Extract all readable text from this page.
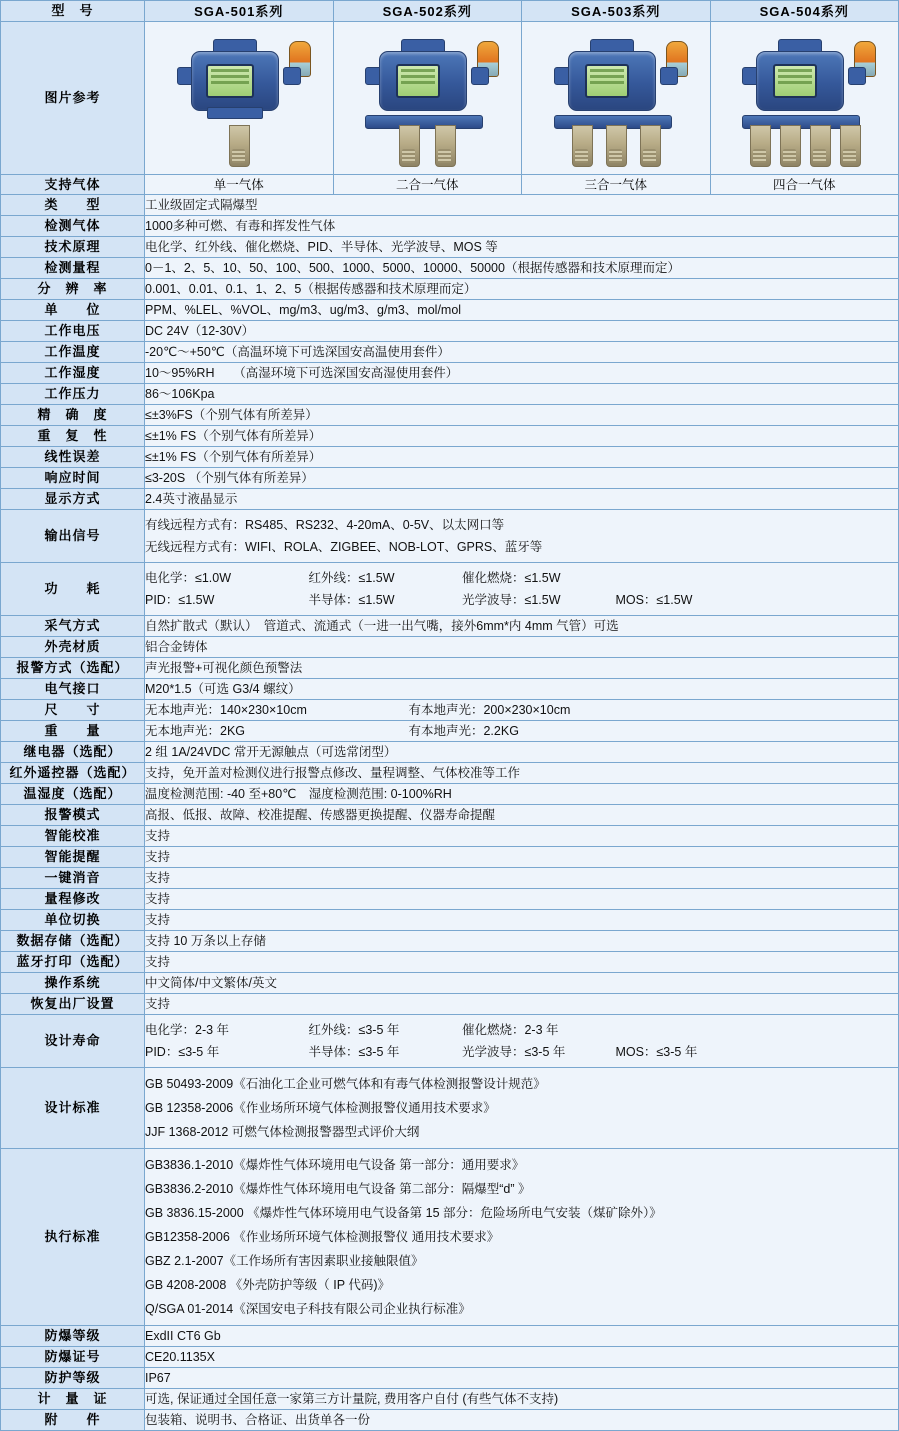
型　号	SGA-501系列	SGA-502系列	SGA-503系列	SGA-504系列
图片参考	

支持气体	单一气体	二合一气体	三合一气体	四合一气体
类　　型	工业级固定式隔爆型			
检测气体	1000多种可燃、有毒和挥发性气体			
技术原理	电化学、红外线、催化燃烧、PID、半导体、光学波导、MOS 等			
检测量程	0－1、2、5、10、50、100、500、1000、5000、10000、50000（根据传感器和技术原理而定）			
分　辨　率	0.001、0.01、0.1、1、2、5（根据传感器和技术原理而定）			
单　　位	PPM、%LEL、%VOL、mg/m3、ug/m3、g/m3、mol/mol			
工作电压	DC 24V（12-30V）			
工作温度	-20℃～+50℃（高温环境下可选深国安高温使用套件）			
工作湿度	10～95%RH　　（高湿环境下可选深国安高湿使用套件）			
工作压力	86～106Kpa			
精　确　度	≤±3%FS（个别气体有所差异）			
重　复　性	≤±1% FS（个别气体有所差异）			
线性误差	≤±1% FS（个别气体有所差异）			
响应时间	≤3-20S （个别气体有所差异）			
显示方式	2.4英寸液晶显示			
输出信号	有线远程方式有：RS485、RS232、4-20mA、0-5V、以太网口等
无线远程方式有：WIFI、ROLA、ZIGBEE、NOB-LOT、GPRS、蓝牙等			

功　　耗	电化学：≤1.0W 红外线：≤1.5W 催化燃烧：≤1.5W
PID：≤1.5W 半导体：≤1.5W 光学波导：≤1.5W MOS：≤1.5W			

采气方式	自然扩散式（默认）　管道式、流通式（一进一出气嘴，接外6mm*内 4mm 气管）可选			
外壳材质	铝合金铸体			
报警方式（选配）	声光报警+可视化颜色预警法			
电气接口	M20*1.5（可选 G3/4 螺纹）			
尺　　寸	无本地声光：140×230×10cm 有本地声光：200×230×10cm			
重　　量	无本地声光：2KG 有本地声光：2.2KG			
继电器（选配）	2 组 1A/24VDC 常开无源触点（可选常闭型）			
红外遥控器（选配）	支持，免开盖对检测仪进行报警点修改、量程调整、气体校准等工作			
温湿度（选配）	温度检测范围: -40 至+80℃　湿度检测范围: 0-100%RH			
报警模式	高报、低报、故障、校准提醒、传感器更换提醒、仪器寿命提醒			
智能校准	支持			
智能提醒	支持			
一键消音	支持			
量程修改	支持			
单位切换	支持			
数据存储（选配）	支持 10 万条以上存储			
蓝牙打印（选配）	支持			
操作系统	中文简体/中文繁体/英文			
恢复出厂设置	支持			
设计寿命	电化学：2-3 年 红外线：≤3-5 年 催化燃烧：2-3 年
PID：≤3-5 年 半导体：≤3-5 年 光学波导：≤3-5 年 MOS：≤3-5 年			

设计标准	GB 50493-2009《石油化工企业可燃气体和有毒气体检测报警设计规范》
GB 12358-2006《作业场所环境气体检测报警仪通用技术要求》
JJF 1368-2012 可燃气体检测报警器型式评价大纲			

执行标准	
GB3836.1-2010《爆炸性气体环境用电气设备 第一部分：通用要求》
GB3836.2-2010《爆炸性气体环境用电气设备 第二部分：隔爆型“d” 》
GB 3836.15-2000 《爆炸性气体环境用电气设备第 15 部分：危险场所电气安装（煤矿除外）》
GB12358-2006 《作业场所环境气体检测报警仪 通用技术要求》
GBZ 2.1-2007《工作场所有害因素职业接触限值》
GB 4208-2008 《外壳防护等级（ IP 代码)》
Q/SGA 01-2014《深国安电子科技有限公司企业执行标准》

防爆等级	ExdII CT6 Gb			
防爆证号	CE20.1135X			
防护等级	IP67			
计　量　证	可选, 保证通过全国任意一家第三方计量院, 费用客户自付 (有些气体不支持)			
附　　件	包装箱、说明书、合格证、出货单各一份			
